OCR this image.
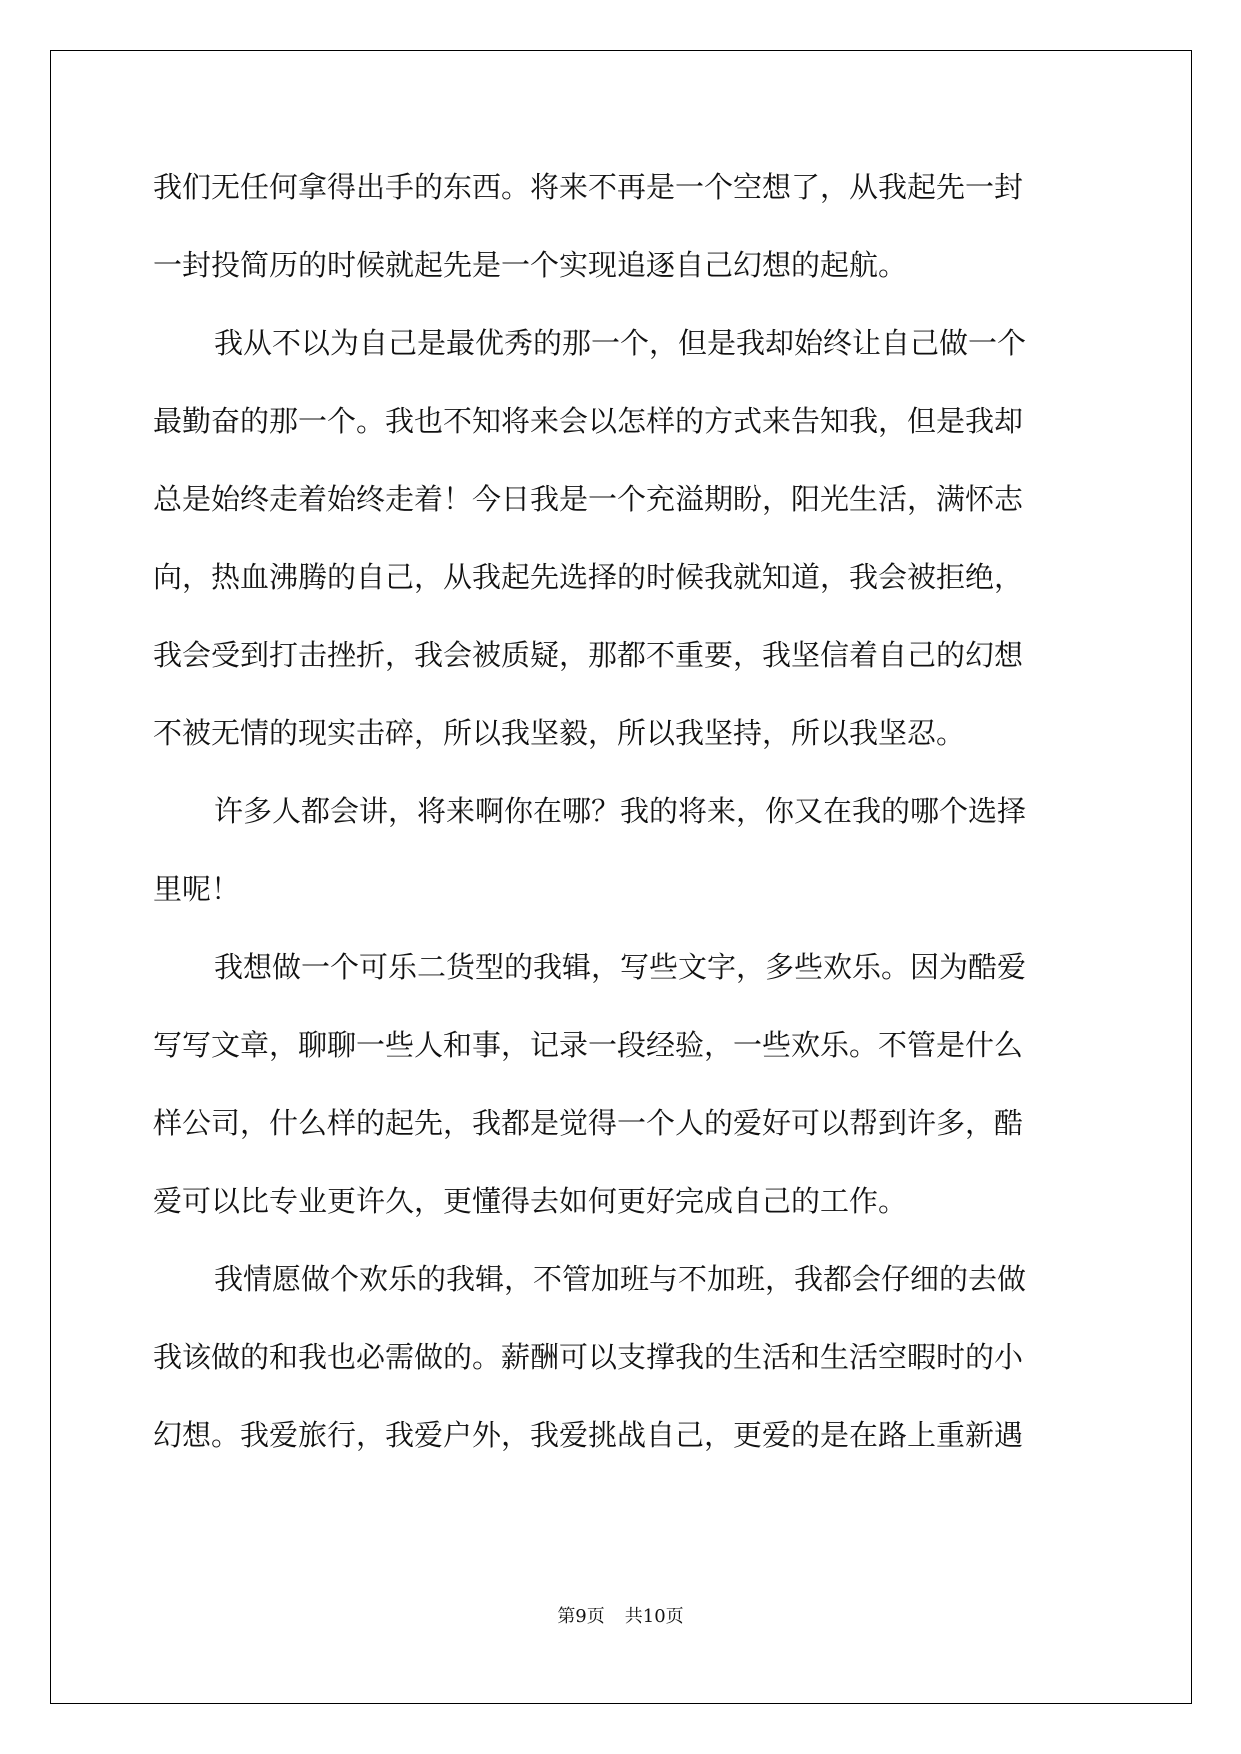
我们无任何拿得出手的东西。将来不再是一个空想了，从我起先一封
一封投简历的时候就起先是一个实现追逐自己幻想的起航。
我从不以为自己是最优秀的那一个，但是我却始终让自己做一个
最勤奋的那一个。我也不知将来会以怎样的方式来告知我，但是我却
总是始终走着始终走着！今日我是一个充溢期盼，阳光生活，满怀志
向，热血沸腾的自己，从我起先选择的时候我就知道，我会被拒绝，
我会受到打击挫折，我会被质疑，那都不重要，我坚信着自己的幻想
不被无情的现实击碎，所以我坚毅，所以我坚持，所以我坚忍。
许多人都会讲，将来啊你在哪？我的将来，你又在我的哪个选择
里呢！
我想做一个可乐二货型的我辑，写些文字，多些欢乐。因为酷爱
写写文章，聊聊一些人和事，记录一段经验，一些欢乐。不管是什么
样公司，什么样的起先，我都是觉得一个人的爱好可以帮到许多，酷
爱可以比专业更许久，更懂得去如何更好完成自己的工作。
我情愿做个欢乐的我辑，不管加班与不加班，我都会仔细的去做
我该做的和我也必需做的。薪酬可以支撑我的生活和生活空暇时的小
幻想。我爱旅行，我爱户外，我爱挑战自己，更爱的是在路上重新遇
第9页 共10页
